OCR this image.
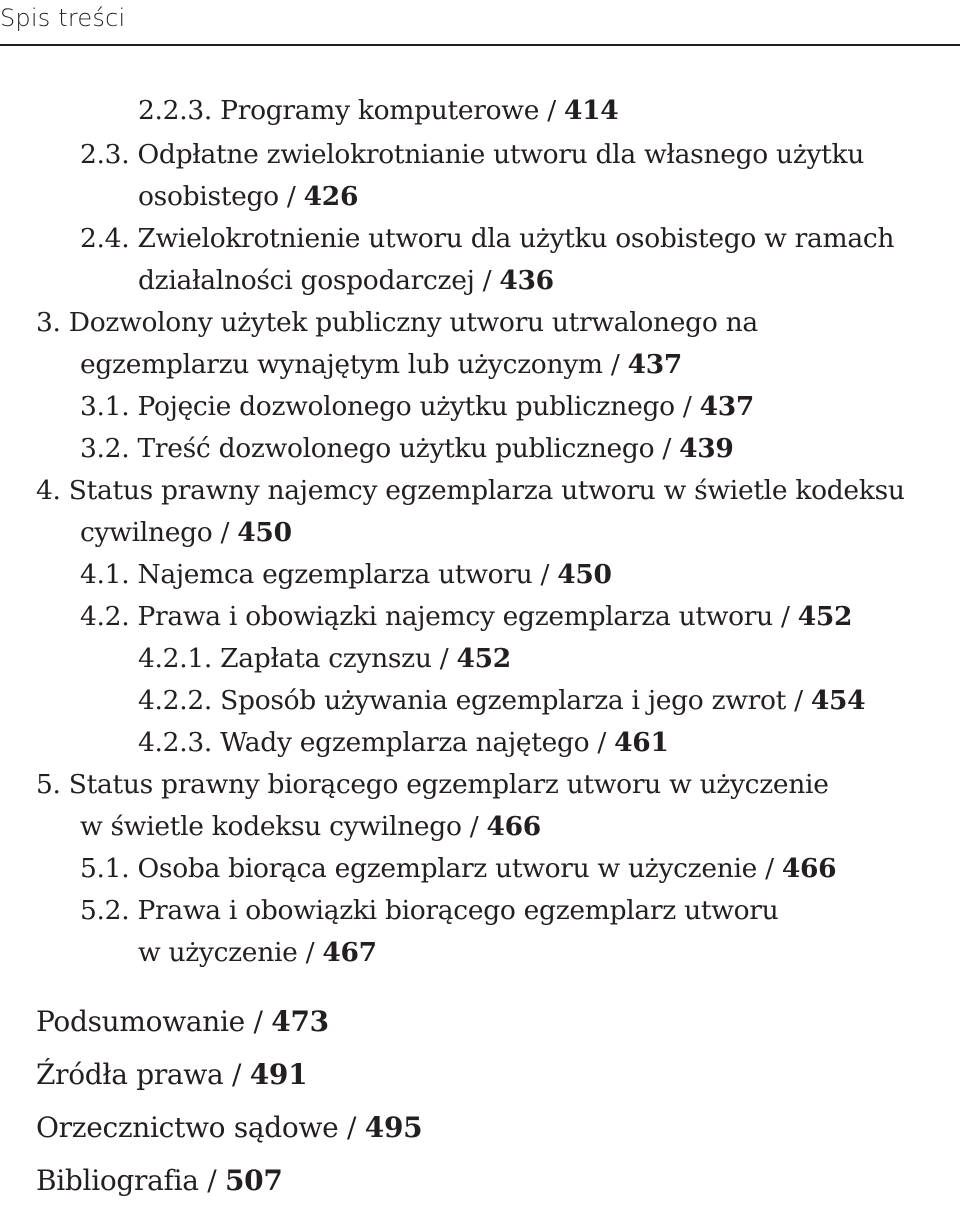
Spis treści
2.2.3. Programy komputerowe / 414
2.3. Odpłatne zwielokrotnianie utworu dla własnego użytku
osobistego / 426
2.4. Zwielokrotnienie utworu dla użytku osobistego w ramach
działalności gospodarczej / 436
3. Dozwolony użytek publiczny utworu utrwalonego na
egzemplarzu wynajętym lub użyczonym / 437
3.1. Pojęcie dozwolonego użytku publicznego / 437
3.2. Treść dozwolonego użytku publicznego / 439
4. Status prawny najemcy egzemplarza utworu w świetle kodeksu
cywilnego / 450
4.1. Najemca egzemplarza utworu / 450
4.2. Prawa i obowiązki najemcy egzemplarza utworu / 452
4.2.1. Zapłata czynszu / 452
4.2.2. Sposób używania egzemplarza i jego zwrot / 454
4.2.3. Wady egzemplarza najętego / 461
5. Status prawny biorącego egzemplarz utworu w użyczenie
w świetle kodeksu cywilnego / 466
5.1. Osoba biorąca egzemplarz utworu w użyczenie / 466
5.2. Prawa i obowiązki biorącego egzemplarz utworu
w użyczenie / 467
Podsumowanie / 473
Źródła prawa / 491
Orzecznictwo sądowe / 495
Bibliografia / 507
